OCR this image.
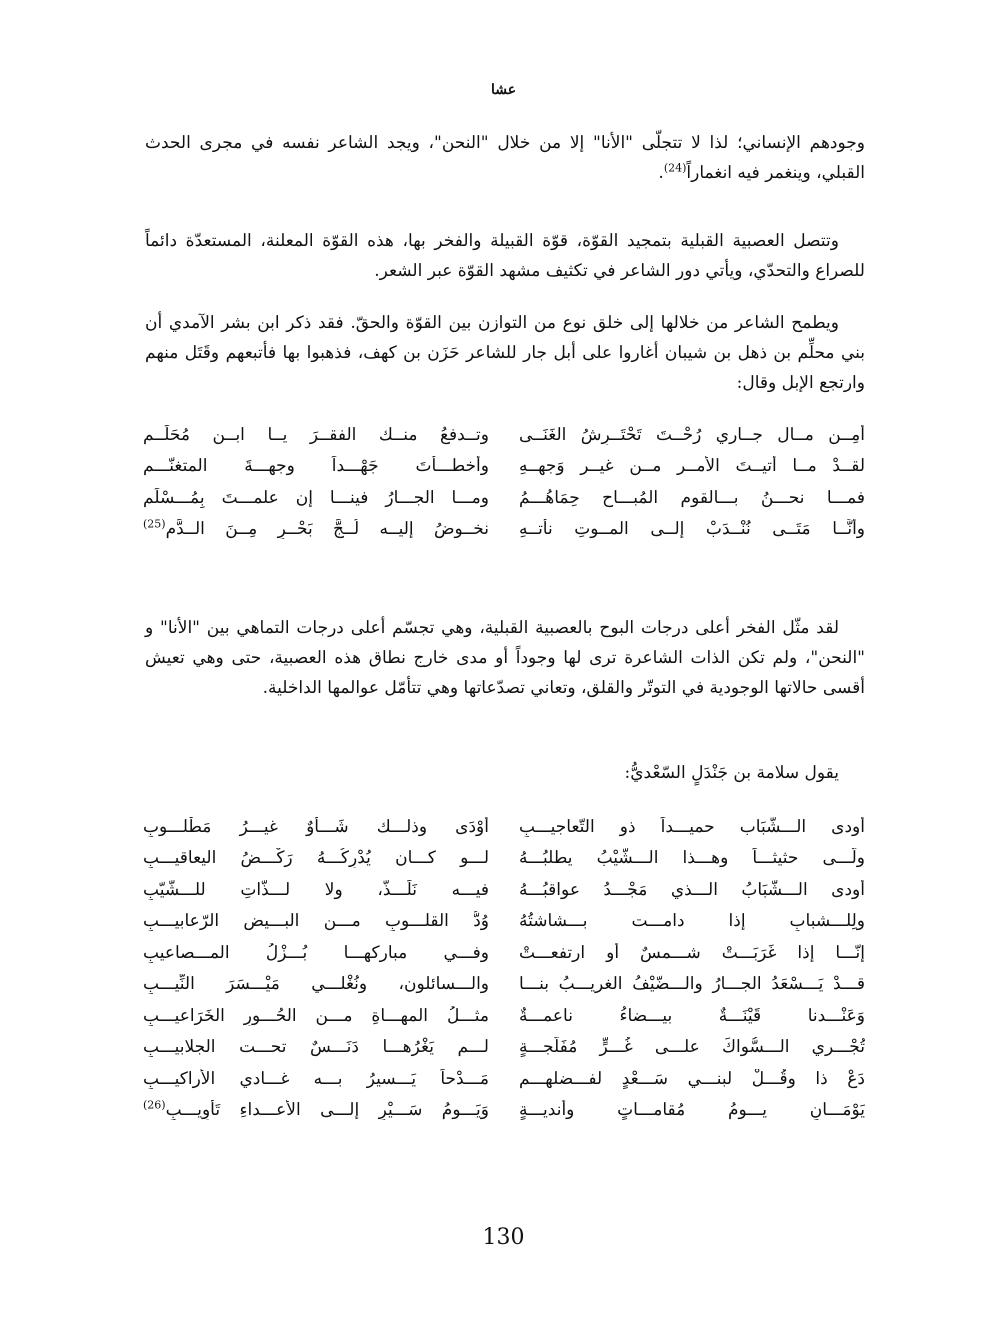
عشا

وجودهم الإنساني؛ لذا لا تتجلّى "الأنا" إلا من خلال "النحن"، ويجد الشاعر نفسه في مجرى الحدث القبلي، وينغمر فيه انغماراً$^{(24)}$.

وتتصل العصبية القبلية بتمجيد القوّة، قوّة القبيلة والفخر بها، هذه القوّة المعلنة، المستعدّة دائماً للصراع والتحدّي، ويأتي دور الشاعر في تكثيف مشهد القوّة عبر الشعر.

ويطمح الشاعر من خلالها إلى خلق نوع من التوازن بين القوّة والحقّ. فقد ذكر ابن بشر الآمدي أن بني محلِّم بن ذهل بن شيبان أغاروا على أبل جار للشاعر حَزَن بن كهف، فذهبوا بها فأتبعهم وقَتَل منهم وارتجع الإبل وقال:

أمِــن مــال جــاري رُحْــتَ تَحْتَــرِشُ الغَنَــى
وتــدفعُ منــك الفقــرَ يــا ابــن مُحَلِّــمِ
لقــدْ مــا أتيــتَ الأمــر مــن غيــر وَجهــهِ
وأخطـــأتَ جَهْـــداً وجهـــةَ المتغنّـــمِ
فمـــا نحـــنُ بـــالقوم المُبـــاحِ حِمَاهُـــمُ
ومـــا الجـــارُ فينـــا إن علمـــتَ بِمُـــسْلَمِ
وأَنَّــا مَتَــى نُنْــدَبْ إلــى المــوتِ نأتــهِ
نخــوضُ إليــه لُــجَّ بَحْــرٍ مِــنَ الــدَّمِ$^{(25)}$

لقد مثّل الفخر أعلى درجات البوح بالعصبية القبلية، وهي تجسّم أعلى درجات التماهي بين "الأنا" و "النحن"، ولم تكن الذات الشاعرة ترى لها وجوداً أو مدى خارج نطاق هذه العصبية، حتى وهي تعيش أقسى حالاتها الوجودية في التوتّر والقلق، وتعاني تصدّعاتها وهي تتأمّل عوالمها الداخلية.

يقول سلامة بن جَنْدَلٍ السّعْديُّ:

أودى الـــشَّبَاب حميـــداً ذو التّعاجيـــبِ
أوْدَى وذلـــك شَـــأْوٌ غيـــرُ مَطْلـــوبِ
ولّـــى حثيثـــاً وهـــذا الـــشَّيْبُ يطلبُـــهُ
لـــو كـــان يُدْرِكُـــهُ رَكْـــضُ اليعاقيـــبِ
أودى الـــشّبَابُ الـــذي مَجْـــدُ عواقبُـــهُ
فيـــه نَلَـــذُّ، ولا لـــذّاتِ للـــشّيّبِ
ولِلـــشبابِ إذا دامـــت بـــشاشتُهُ
وُدُّ القلـــوبِ مـــن البـــيضِ الرّعابيـــبِ
إنّـــا إذا غَرَبَـــتْ شـــمسٌ أو ارتفعـــتْ
وفـــي مباركهـــا بُـــزْلُ المـــصاعيبِ
قـــدْ يَـــسْعَدُ الجـــارُ والـــضّيْفُ الغريـــبُ بنـــا
والـــسائلون، ونُغْلـــي مَيْـــسَرَ النِّيـــبِ
وَعَنْـــدنا قَيْنَـــةٌ بيـــضاءُ ناعمـــةٌ
مثـــلُ المهـــاةِ مـــن الحُـــورِ الخَرَاعيـــبِ
تُجْـــري الـــسُّواكَ علـــى غُـــرٍّ مُفَلَّجـــةٍ
لـــم يَغْرُهـــا دَنَـــسٌ تحـــت الجلابيـــبِ
دَعْ ذا وقُـــلْ لبنـــي سَـــعْدٍ لفـــضلهـــم
مَـــدْحاً يَـــسيرُ بـــه غـــادي الأراكيـــبِ
يَوْمَـــانِ يـــومُ مُقامـــاتٍ وأنديـــةٍ
وَيَـــومُ سَـــيْرٍ إلـــى الأعـــداءِ تَأْوِيـــبِ$^{(26)}$
130
